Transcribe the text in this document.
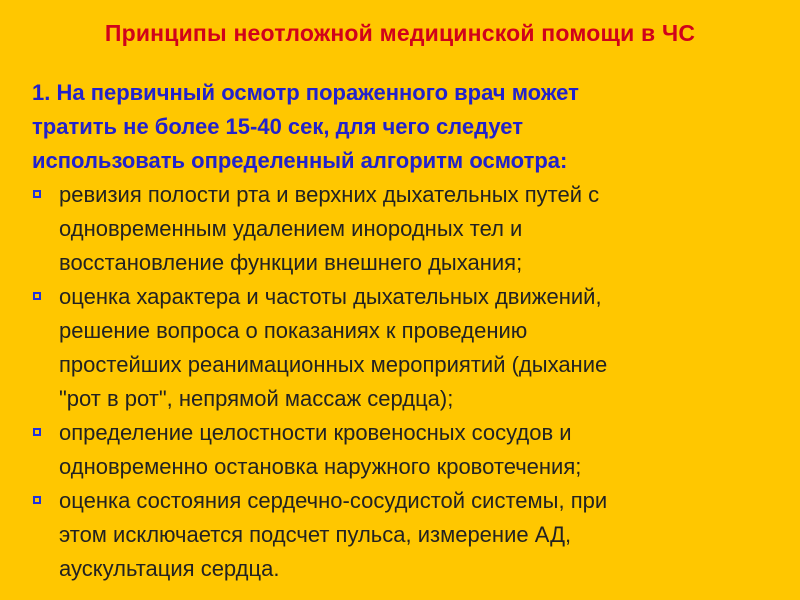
Принципы неотложной медицинской помощи в ЧС
1. На первичный осмотр пораженного врач может
тратить не более 15-40 сек, для чего следует
использовать определенный алгоритм осмотра:
ревизия полости рта и верхних дыхательных путей с
одновременным удалением инородных тел и
восстановление функции внешнего дыхания;
оценка характера и частоты дыхательных движений,
решение вопроса о показаниях к проведению
простейших реанимационных мероприятий (дыхание
"рот в рот", непрямой массаж сердца);
определение целостности кровеносных сосудов и
одновременно остановка наружного кровотечения;
оценка состояния сердечно-сосудистой системы, при
этом исключается подсчет пульса, измерение АД,
аускультация сердца.
